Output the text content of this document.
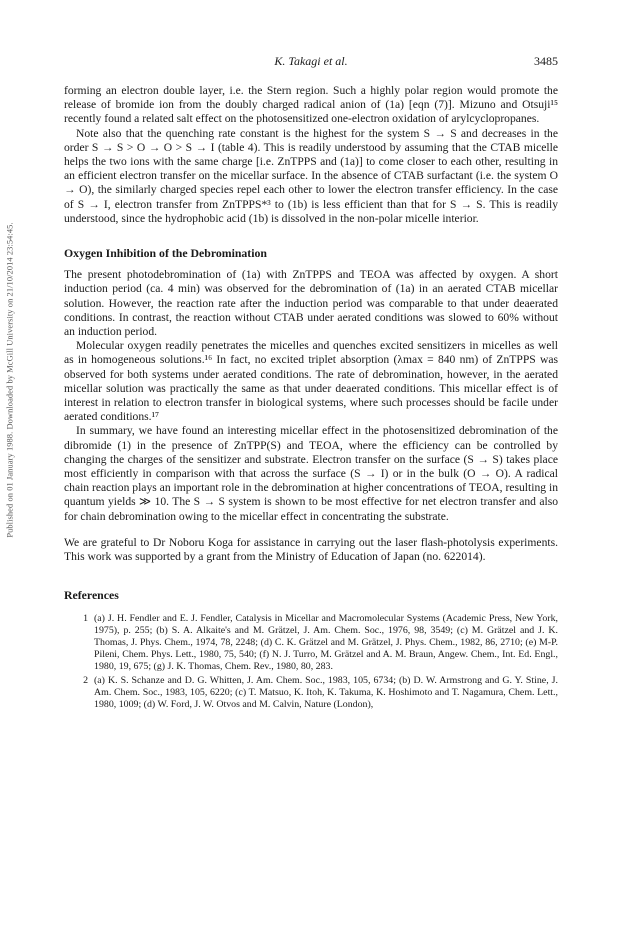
Published on 01 January 1988. Downloaded by McGill University on 21/10/2014 23:54:45.
K. Takagi et al.	3485

forming an electron double layer, i.e. the Stern region. Such a highly polar region would promote the release of bromide ion from the doubly charged radical anion of (1a) [eqn (7)]. Mizuno and Otsuji¹⁵ recently found a related salt effect on the photosensitized one-electron oxidation of arylcyclopropanes.

Note also that the quenching rate constant is the highest for the system S → S and decreases in the order S → S > O → O > S → I (table 4). This is readily understood by assuming that the CTAB micelle helps the two ions with the same charge [i.e. ZnTPPS and (1a)] to come closer to each other, resulting in an efficient electron transfer on the micellar surface. In the absence of CTAB surfactant (i.e. the system O → O), the similarly charged species repel each other to lower the electron transfer efficiency. In the case of S → I, electron transfer from ZnTPPS*³ to (1b) is less efficient than that for S → S. This is readily understood, since the hydrophobic acid (1b) is dissolved in the non-polar micelle interior.

Oxygen Inhibition of the Debromination

The present photodebromination of (1a) with ZnTPPS and TEOA was affected by oxygen. A short induction period (ca. 4 min) was observed for the debromination of (1a) in an aerated CTAB micellar solution. However, the reaction rate after the induction period was comparable to that under deaerated conditions. In contrast, the reaction without CTAB under aerated conditions was slowed to 60% without an induction period.

Molecular oxygen readily penetrates the micelles and quenches excited sensitizers in micelles as well as in homogeneous solutions.¹⁶ In fact, no excited triplet absorption (λmax = 840 nm) of ZnTPPS was observed for both systems under aerated conditions. The rate of debromination, however, in the aerated micellar solution was practically the same as that under deaerated conditions. This micellar effect is of interest in relation to electron transfer in biological systems, where such processes should be facile under aerated conditions.¹⁷

In summary, we have found an interesting micellar effect in the photosensitized debromination of the dibromide (1) in the presence of ZnTPP(S) and TEOA, where the efficiency can be controlled by changing the charges of the sensitizer and substrate. Electron transfer on the surface (S → S) takes place most efficiently in comparison with that across the surface (S → I) or in the bulk (O → O). A radical chain reaction plays an important role in the debromination at higher concentrations of TEOA, resulting in quantum yields ≫ 10. The S → S system is shown to be most effective for net electron transfer and also for chain debromination owing to the micellar effect in concentrating the substrate.

We are grateful to Dr Noboru Koga for assistance in carrying out the laser flash-photolysis experiments. This work was supported by a grant from the Ministry of Education of Japan (no. 622014).

References
1 (a) J. H. Fendler and E. J. Fendler, Catalysis in Micellar and Macromolecular Systems (Academic Press, New York, 1975), p. 255; (b) S. A. Alkaite's and M. Grätzel, J. Am. Chem. Soc., 1976, 98, 3549; (c) M. Grätzel and J. K. Thomas, J. Phys. Chem., 1974, 78, 2248; (d) C. K. Grätzel and M. Grätzel, J. Phys. Chem., 1982, 86, 2710; (e) M-P. Pileni, Chem. Phys. Lett., 1980, 75, 540; (f) N. J. Turro, M. Grätzel and A. M. Braun, Angew. Chem., Int. Ed. Engl., 1980, 19, 675; (g) J. K. Thomas, Chem. Rev., 1980, 80, 283.
2 (a) K. S. Schanze and D. G. Whitten, J. Am. Chem. Soc., 1983, 105, 6734; (b) D. W. Armstrong and G. Y. Stine, J. Am. Chem. Soc., 1983, 105, 6220; (c) T. Matsuo, K. Itoh, K. Takuma, K. Hoshimoto and T. Nagamura, Chem. Lett., 1980, 1009; (d) W. Ford, J. W. Otvos and M. Calvin, Nature (London),
